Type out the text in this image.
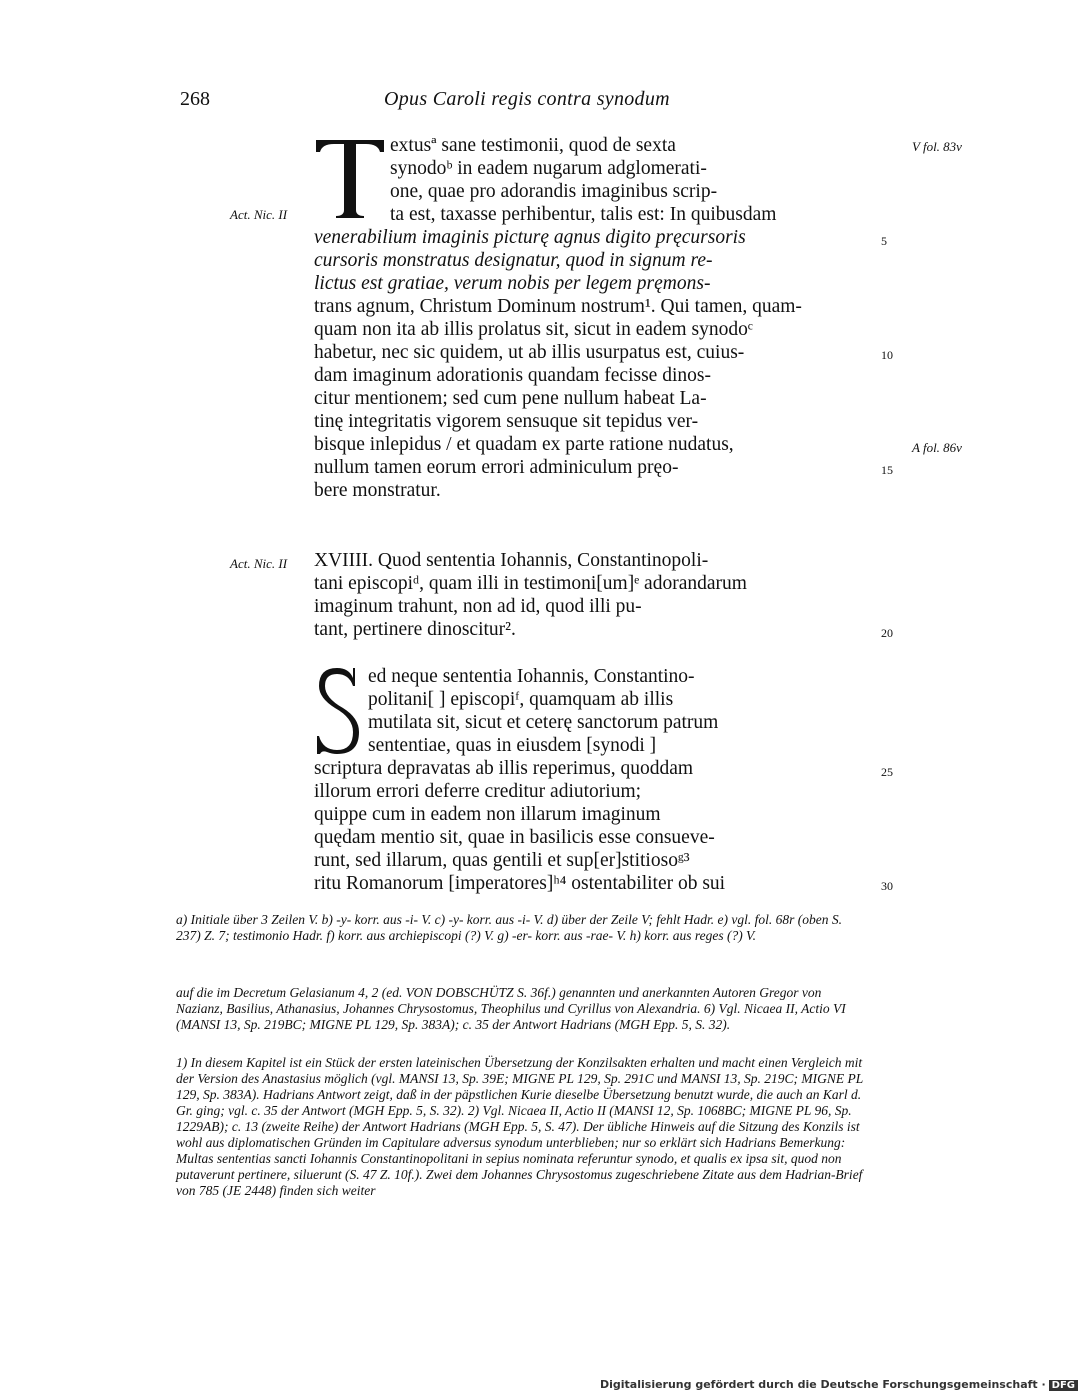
268	Opus Caroli regis contra synodum
Act. Nic. II
Act. Nic. II
V fol. 83v
A fol. 86v
5
10
15
20
25
30
extusª sane testimonii, quod de sexta
synodoᵇ in eadem nugarum adglomerati-
one, quae pro adorandis imaginibus scrip-
ta est, taxasse perhibentur, talis est: In quibusdam
venerabilium imaginis picturę agnus digito pręcursoris
cursoris monstratus designatur, quod in signum re-
lictus est gratiae, verum nobis per legem pręmons-
trans agnum, Christum Dominum nostrum¹. Qui tamen, quam-
quam non ita ab illis prolatus sit, sicut in eadem synodoᶜ
habetur, nec sic quidem, ut ab illis usurpatus est, cuius-
dam imaginum adorationis quandam fecisse dinos-
citur mentionem; sed cum pene nullum habeat La-
tinę integritatis vigorem sensuque sit tepidus ver-
bisque inlepidus / et quadam ex parte ratione nudatus,
nullum tamen eorum errori adminiculum pręo-
bere monstratur.
XVIIII. Quod sententia Iohannis, Constantinopoli-
tani episcopiᵈ, quam illi in testimoni[um]ᵉ adorandarum
imaginum trahunt, non ad id, quod illi pu-
tant, pertinere dinoscitur².
ed neque sententia Iohannis, Constantino-
politani[ ] episcopiᶠ, quamquam ab illis
mutilata sit, sicut et ceterę sanctorum patrum
sententiae, quas in eiusdem [synodi ]
scriptura depravatas ab illis reperimus, quoddam
illorum errori deferre creditur adiutorium;
quippe cum in eadem non illarum imaginum
quędam mentio sit, quae in basilicis esse consueve-
runt, sed illarum, quas gentili et sup[er]stitiosoᵍ³
ritu Romanorum [imperatores]ʰ⁴ ostentabiliter ob sui
a) Initiale über 3 Zeilen V. b) -y- korr. aus -i- V. c) -y- korr. aus -i- V. d) über der Zeile V; fehlt Hadr. e) vgl. fol. 68r (oben S. 237) Z. 7; testimonio Hadr. f) korr. aus archiepiscopi (?) V. g) -er- korr. aus -rae- V. h) korr. aus reges (?) V.
auf die im Decretum Gelasianum 4, 2 (ed. VON DOBSCHÜTZ S. 36f.) genannten und anerkannten Autoren Gregor von Nazianz, Basilius, Athanasius, Johannes Chrysostomus, Theophilus und Cyrillus von Alexandria. 6) Vgl. Nicaea II, Actio VI (MANSI 13, Sp. 219BC; MIGNE PL 129, Sp. 383A); c. 35 der Antwort Hadrians (MGH Epp. 5, S. 32).
1) In diesem Kapitel ist ein Stück der ersten lateinischen Übersetzung der Konzilsakten erhalten und macht einen Vergleich mit der Version des Anastasius möglich (vgl. MANSI 13, Sp. 39E; MIGNE PL 129, Sp. 291C und MANSI 13, Sp. 219C; MIGNE PL 129, Sp. 383A). Hadrians Antwort zeigt, daß in der päpstlichen Kurie dieselbe Übersetzung benutzt wurde, die auch an Karl d. Gr. ging; vgl. c. 35 der Antwort (MGH Epp. 5, S. 32). 2) Vgl. Nicaea II, Actio II (MANSI 12, Sp. 1068BC; MIGNE PL 96, Sp. 1229AB); c. 13 (zweite Reihe) der Antwort Hadrians (MGH Epp. 5, S. 47). Der übliche Hinweis auf die Sitzung des Konzils ist wohl aus diplomatischen Gründen im Capitulare adversus synodum unterblieben; nur so erklärt sich Hadrians Bemerkung: Multas sententias sancti Iohannis Constantinopolitani in sepius nominata referuntur synodo, et qualis ex ipsa sit, quod non putaverunt pertinere, siluerunt (S. 47 Z. 10f.). Zwei dem Johannes Chrysostomus zugeschriebene Zitate aus dem Hadrian-Brief von 785 (JE 2448) finden sich weiter
Digitalisierung gefördert durch die Deutsche Forschungsgemeinschaft · DFG
